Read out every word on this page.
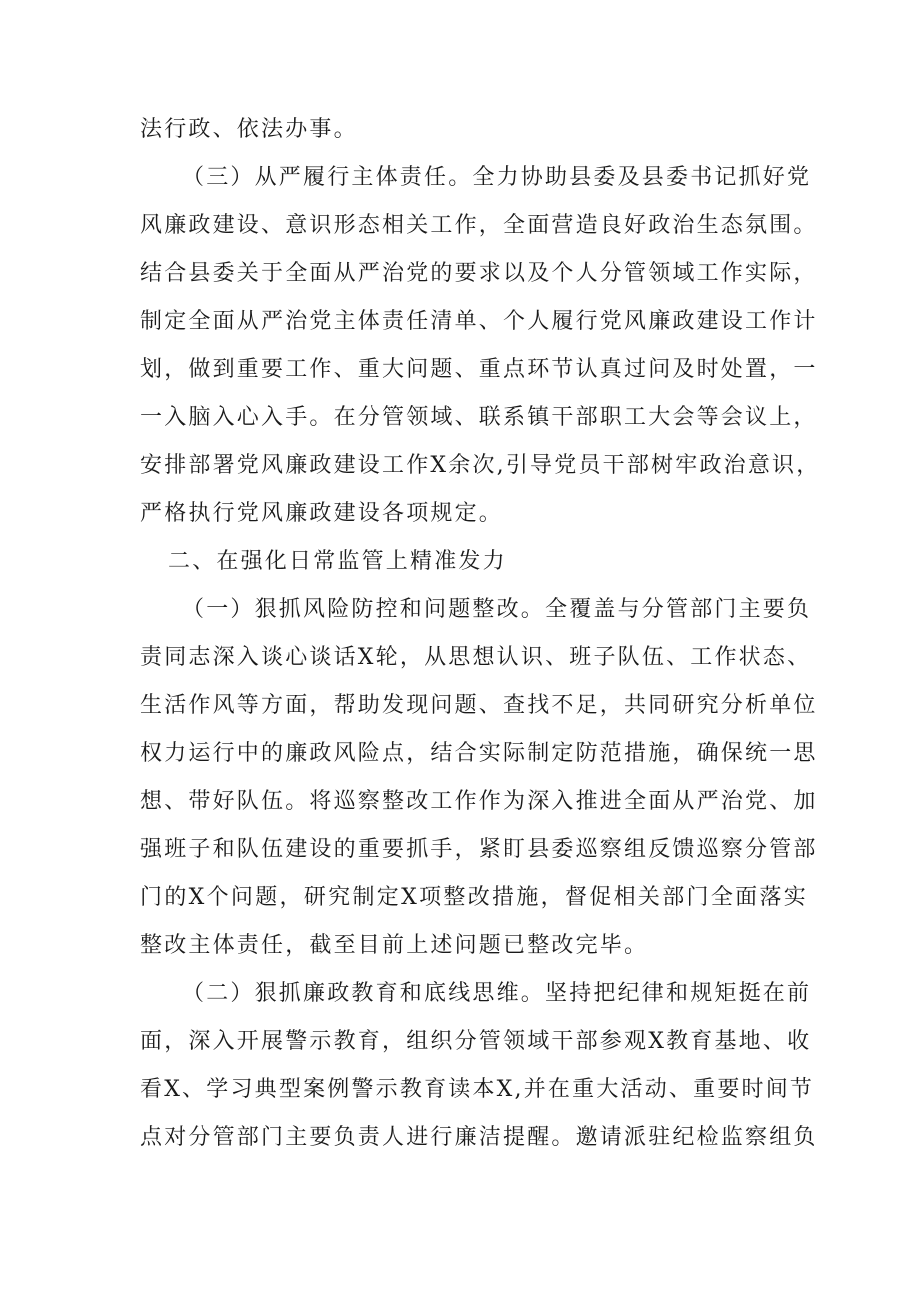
法行政、依法办事。
（三）从严履行主体责任。全力协助县委及县委书记抓好党
风廉政建设、意识形态相关工作，全面营造良好政治生态氛围。
结合县委关于全面从严治党的要求以及个人分管领域工作实际，
制定全面从严治党主体责任清单、个人履行党风廉政建设工作计
划，做到重要工作、重大问题、重点环节认真过问及时处置，一
一入脑入心入手。在分管领域、联系镇干部职工大会等会议上，
安排部署党风廉政建设工作X余次,引导党员干部树牢政治意识，
严格执行党风廉政建设各项规定。
二、在强化日常监管上精准发力
（一）狠抓风险防控和问题整改。全覆盖与分管部门主要负
责同志深入谈心谈话X轮，从思想认识、班子队伍、工作状态、
生活作风等方面，帮助发现问题、查找不足，共同研究分析单位
权力运行中的廉政风险点，结合实际制定防范措施，确保统一思
想、带好队伍。将巡察整改工作作为深入推进全面从严治党、加
强班子和队伍建设的重要抓手，紧盯县委巡察组反馈巡察分管部
门的X个问题，研究制定X项整改措施，督促相关部门全面落实
整改主体责任，截至目前上述问题已整改完毕。
（二）狠抓廉政教育和底线思维。坚持把纪律和规矩挺在前
面，深入开展警示教育，组织分管领域干部参观X教育基地、收
看X、学习典型案例警示教育读本X,并在重大活动、重要时间节
点对分管部门主要负责人进行廉洁提醒。邀请派驻纪检监察组负
